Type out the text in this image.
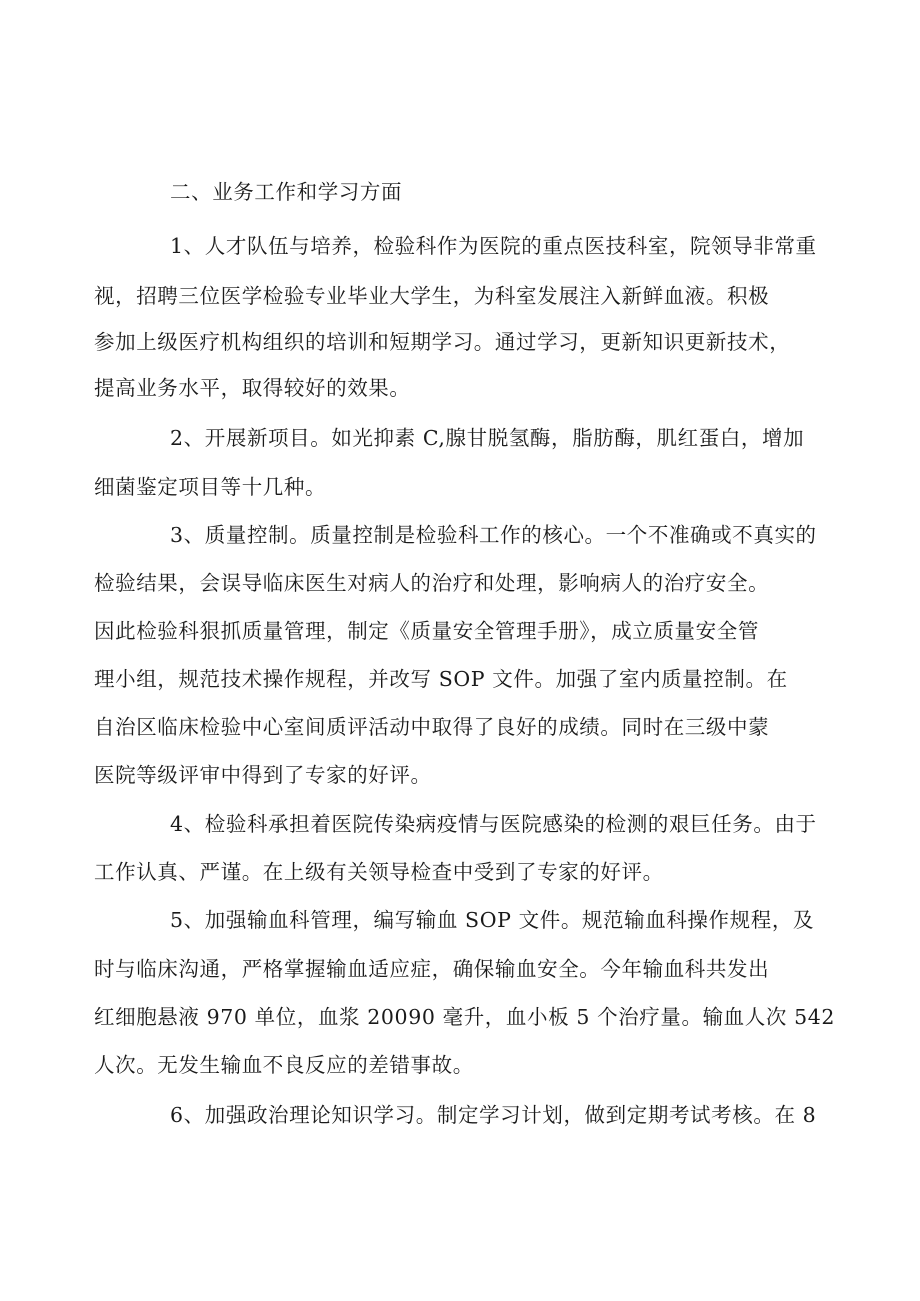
二、业务工作和学习方面
1、人才队伍与培养，检验科作为医院的重点医技科室，院领导非常重
视，招聘三位医学检验专业毕业大学生，为科室发展注入新鲜血液。积极
参加上级医疗机构组织的培训和短期学习。通过学习，更新知识更新技术，
提高业务水平，取得较好的效果。
2、开展新项目。如光抑素 C,腺甘脱氢酶，脂肪酶，肌红蛋白，增加
细菌鉴定项目等十几种。
3、质量控制。质量控制是检验科工作的核心。一个不准确或不真实的
检验结果，会误导临床医生对病人的治疗和处理，影响病人的治疗安全。
因此检验科狠抓质量管理，制定《质量安全管理手册》，成立质量安全管
理小组，规范技术操作规程，并改写 SOP 文件。加强了室内质量控制。在
自治区临床检验中心室间质评活动中取得了良好的成绩。同时在三级中蒙
医院等级评审中得到了专家的好评。
4、检验科承担着医院传染病疫情与医院感染的检测的艰巨任务。由于
工作认真、严谨。在上级有关领导检查中受到了专家的好评。
5、加强输血科管理，编写输血 SOP 文件。规范输血科操作规程，及
时与临床沟通，严格掌握输血适应症，确保输血安全。今年输血科共发出
红细胞悬液 970 单位，血浆 20090 毫升，血小板 5 个治疗量。输血人次 542
人次。无发生输血不良反应的差错事故。
6、加强政治理论知识学习。制定学习计划，做到定期考试考核。在 8
